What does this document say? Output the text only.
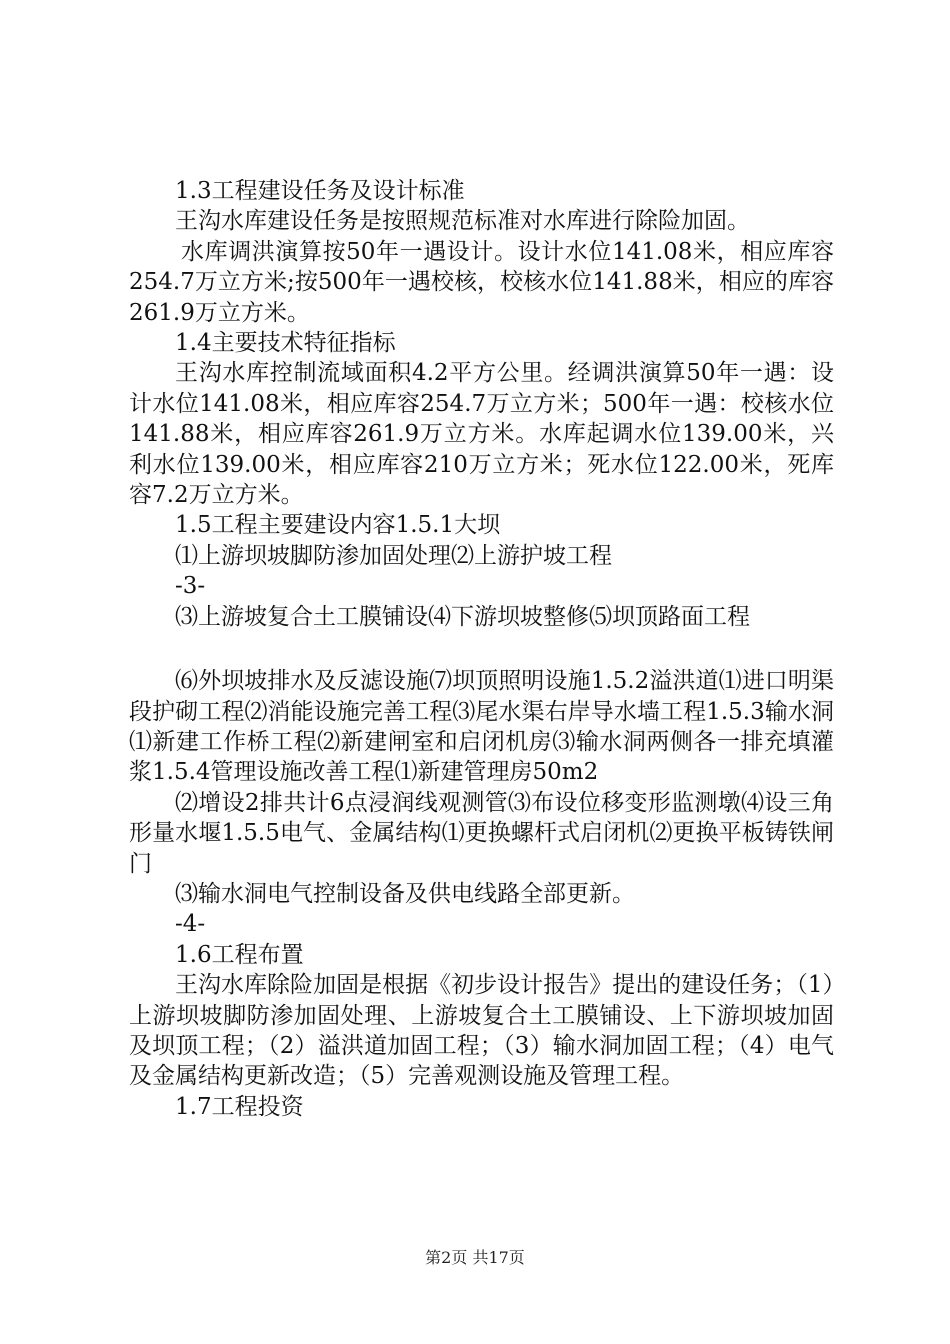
1.3工程建设任务及设计标准

王沟水库建设任务是按照规范标准对水库进行除险加固。

水库调洪演算按50年一遇设计。设计水位141.08米，相应库容254.7万立方米;按500年一遇校核，校核水位141.88米，相应的库容261.9万立方米。

1.4主要技术特征指标

王沟水库控制流域面积4.2平方公里。经调洪演算50年一遇：设计水位141.08米，相应库容254.7万立方米；500年一遇：校核水位141.88米，相应库容261.9万立方米。水库起调水位139.00米，兴利水位139.00米，相应库容210万立方米；死水位122.00米，死库容7.2万立方米。

1.5工程主要建设内容1.5.1大坝

⑴上游坝坡脚防渗加固处理⑵上游护坡工程

-3-

⑶上游坡复合土工膜铺设⑷下游坝坡整修⑸坝顶路面工程

⑹外坝坡排水及反滤设施⑺坝顶照明设施1.5.2溢洪道⑴进口明渠段护砌工程⑵消能设施完善工程⑶尾水渠右岸导水墙工程1.5.3输水洞⑴新建工作桥工程⑵新建闸室和启闭机房⑶输水洞两侧各一排充填灌浆1.5.4管理设施改善工程⑴新建管理房50m2

⑵增设2排共计6点浸润线观测管⑶布设位移变形监测墩⑷设三角形量水堰1.5.5电气、金属结构⑴更换螺杆式启闭机⑵更换平板铸铁闸门

⑶输水洞电气控制设备及供电线路全部更新。

-4-

1.6工程布置

王沟水库除险加固是根据《初步设计报告》提出的建设任务；（1）上游坝坡脚防渗加固处理、上游坡复合土工膜铺设、上下游坝坡加固及坝顶工程；（2）溢洪道加固工程；（3）输水洞加固工程；（4）电气及金属结构更新改造；（5）完善观测设施及管理工程。

1.7工程投资

第2页 共17页
